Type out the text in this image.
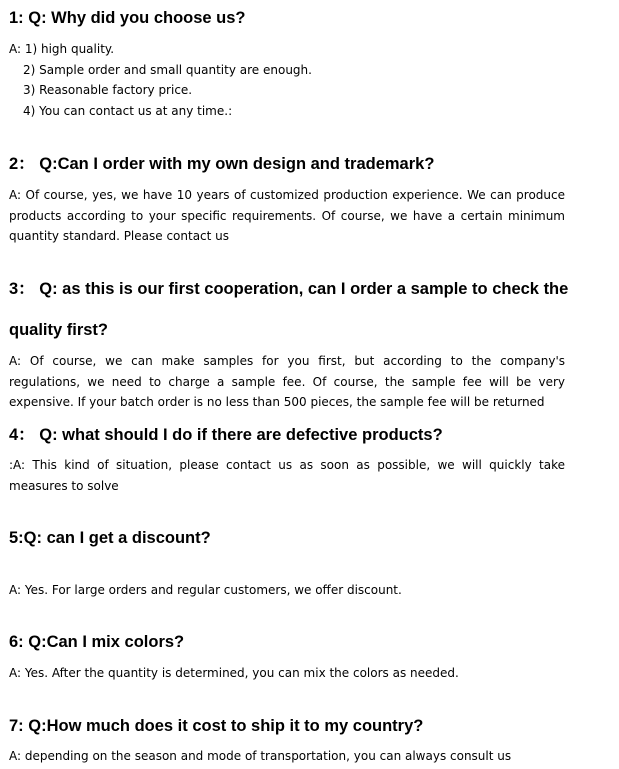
1: Q: Why did you choose us?
A: 1) high quality.
2) Sample order and small quantity are enough.
3) Reasonable factory price.
4) You can contact us at any time.:
2： Q:Can I order with my own design and trademark?

A: Of course, yes, we have 10 years of customized production experience. We can produce products according to your specific requirements. Of course, we have a certain minimum quantity standard. Please contact us

3： Q: as this is our first cooperation, can I order a sample to check the
quality first?

A: Of course, we can make samples for you first, but according to the company's regulations, we need to charge a sample fee. Of course, the sample fee will be very expensive. If your batch order is no less than 500 pieces, the sample fee will be returned

4： Q: what should I do if there are defective products?

:A: This kind of situation, please contact us as soon as possible, we will quickly take measures to solve

5:Q: can I get a discount?

A: Yes. For large orders and regular customers, we offer discount.

6: Q:Can I mix colors?

A: Yes. After the quantity is determined, you can mix the colors as needed.

7: Q:How much does it cost to ship it to my country?

A: depending on the season and mode of transportation, you can always consult us
